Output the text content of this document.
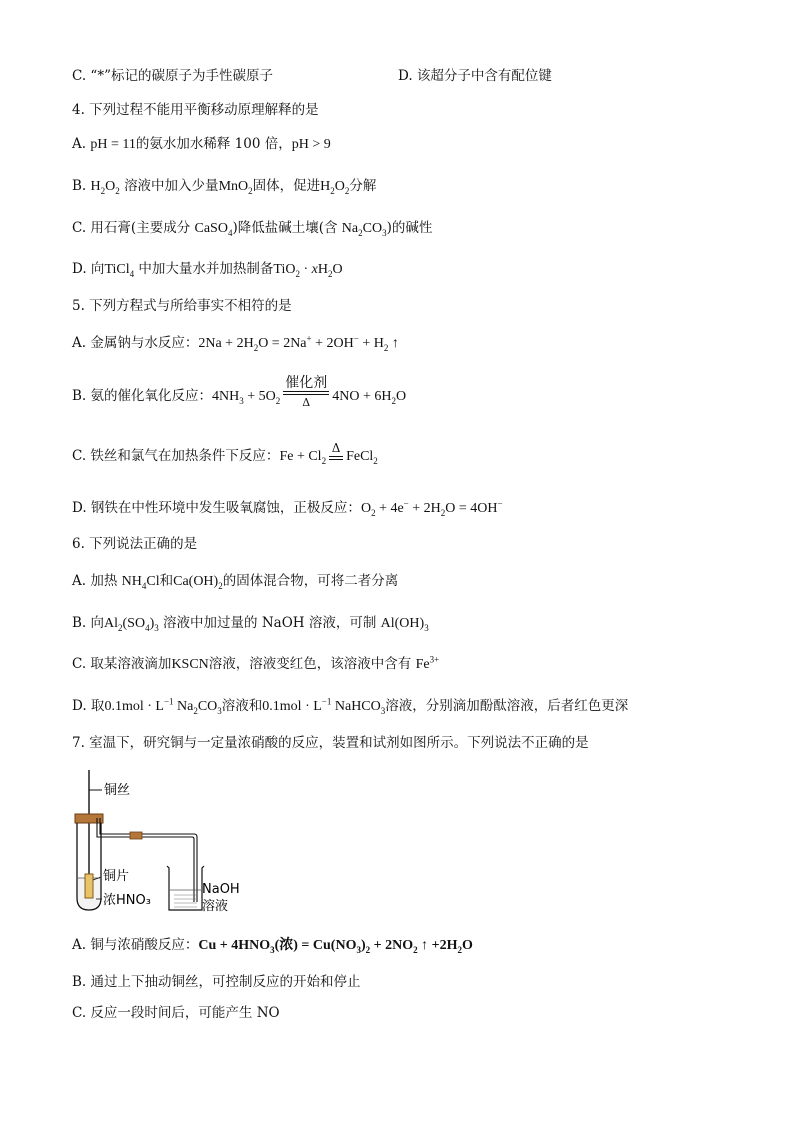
C. “*”标记的碳原子为手性碳原子	D. 该超分子中含有配位键
4. 下列过程不能用平衡移动原理解释的是
A. pH = 11的氨水加水稀释 100 倍，pH > 9
B. $H_2O_2$ 溶液中加入少量MnO$_2$固体，促进$H_2O_2$分解
C. 用石膏(主要成分 CaSO$_4$)降低盐碱土壤(含 $Na_2CO_3$)的碱性
D. 向TiCl$_4$ 中加大量水并加热制备$TiO_2 \cdot xH_2O$
5. 下列方程式与所给事实不相符的是
A. 金属钠与水反应：$2Na + 2H_2O = 2Na^+ + 2OH^- + H_2$ ↑
B. 氨的催化氧化反应：$4NH_3 + 5O_2$
催化剂
Δ	$4NO + 6H_2O$
C. 铁丝和氯气在加热条件下反应：$Fe + Cl_2$
Δ
FeCl$_2$
D. 钢铁在中性环境中发生吸氧腐蚀，正极反应：$O_2 + 4e^- + 2H_2O = 4OH^-$
6. 下列说法正确的是
A. 加热 $NH_4Cl$和$Ca(OH)_2$的固体混合物，可将二者分离
B. 向$Al_2(SO_4)_3$ 溶液中加过量的 NaOH 溶液，可制 $Al(OH)_3$
C. 取某溶液滴加KSCN溶液，溶液变红色，该溶液中含有 $Fe^{3+}$
D. 取$0.1mol \cdot L^{-1}$ $Na_2CO_3$溶液和$0.1mol \cdot L^{-1}$ NaHCO$_3$溶液，分别滴加酚酞溶液，后者红色更深
7. 室温下，研究铜与一定量浓硝酸的反应，装置和试剂如图所示。下列说法不正确的是
铜丝
铜片
浓HNO₃
NaOH
溶液
A. 铜与浓硝酸反应：$Cu + 4HNO_3$(浓) = $Cu(NO_3)_2 + 2NO_2$ ↑ $+2H_2O$
B. 通过上下抽动铜丝，可控制反应的开始和停止
C. 反应一段时间后，可能产生 NO
